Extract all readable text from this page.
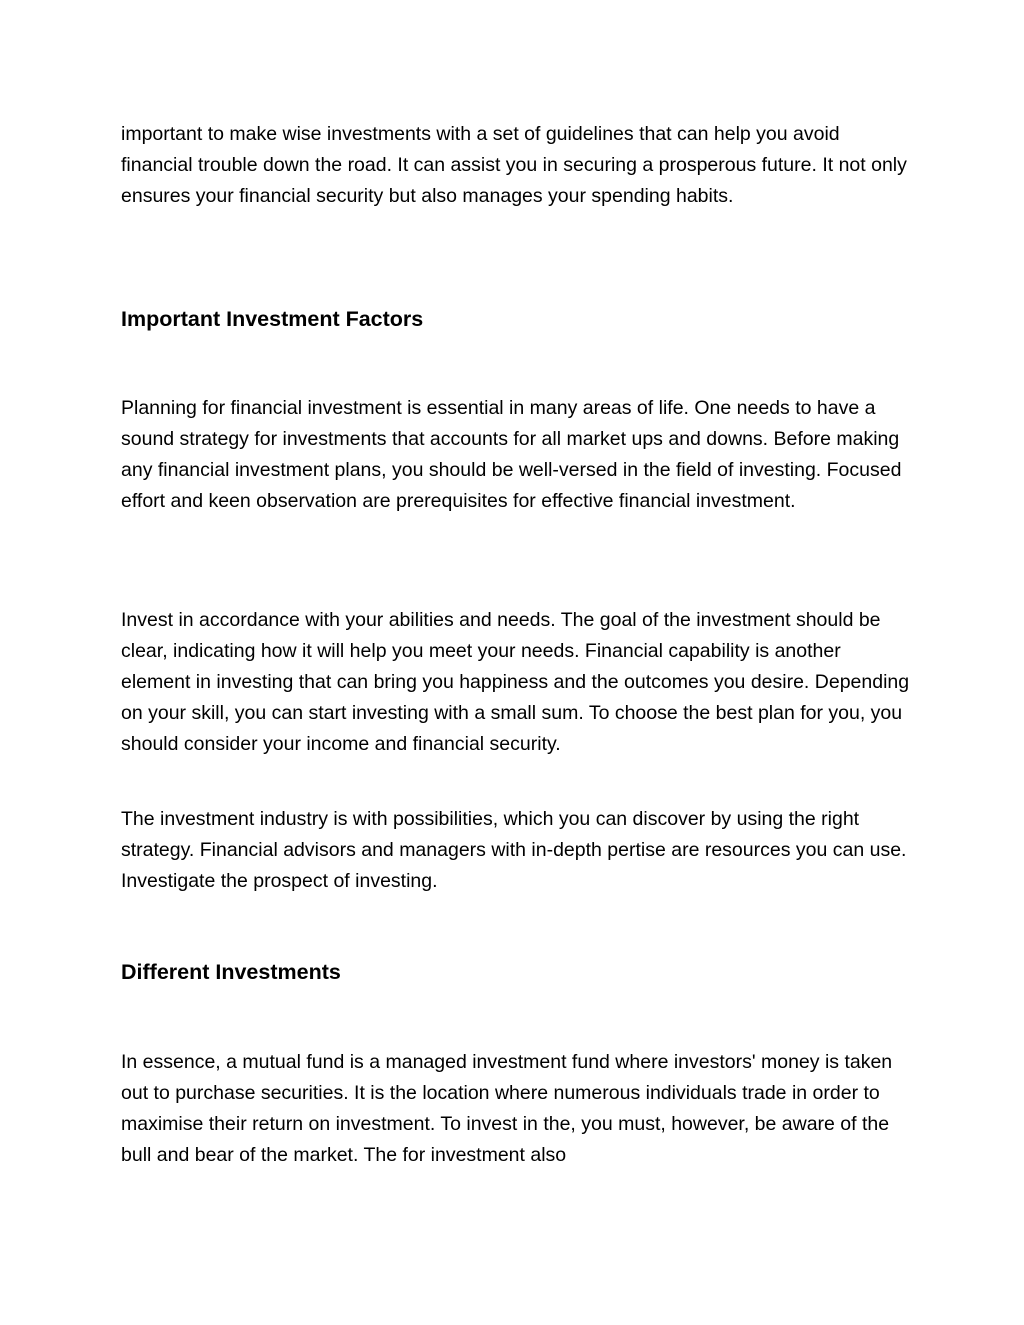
important to make wise investments with a set of guidelines that can help you avoid financial trouble down the road. It can assist you in securing a prosperous future. It not only ensures your financial security but also manages your spending habits.

Important Investment Factors

Planning for financial investment is essential in many areas of life. One needs to have a sound strategy for investments that accounts for all market ups and downs. Before making any financial investment plans, you should be well-versed in the field of investing. Focused effort and keen observation are prerequisites for effective financial investment.

Invest in accordance with your abilities and needs. The goal of the investment should be clear, indicating how it will help you meet your needs. Financial capability is another element in investing that can bring you happiness and the outcomes you desire. Depending on your skill, you can start investing with a small sum. To choose the best plan for you, you should consider your income and financial security.

The investment industry is with possibilities, which you can discover by using the right strategy. Financial advisors and managers with in-depth pertise are resources you can use. Investigate the prospect of investing.

Different Investments

In essence, a mutual fund is a managed investment fund where investors' money is taken out to purchase securities. It is the location where numerous individuals trade in order to maximise their return on investment. To invest in the, you must, however, be aware of the bull and bear of the market. The for investment also
